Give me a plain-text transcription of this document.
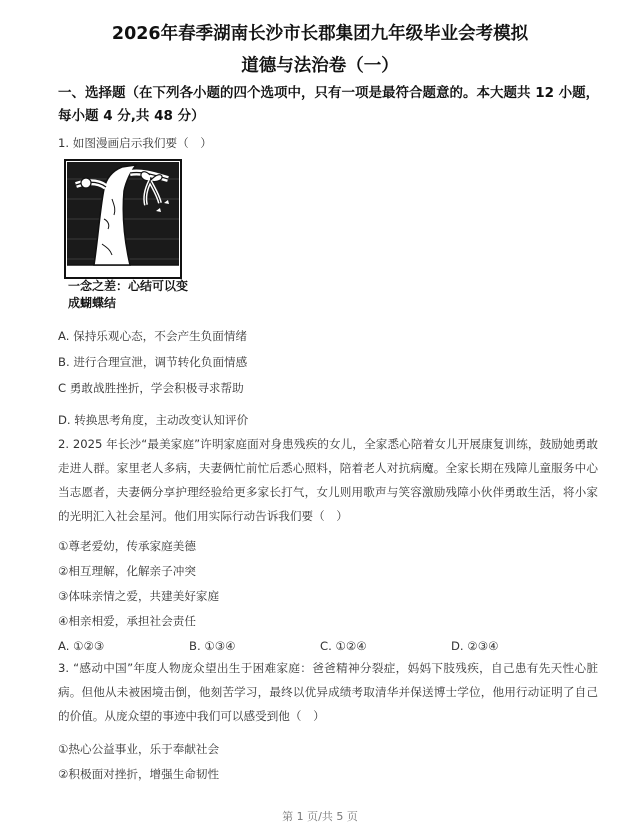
2026年春季湖南长沙市长郡集团九年级毕业会考模拟
道德与法治卷（一）
一、选择题（在下列各小题的四个选项中，只有一项是最符合题意的。本大题共 12 小题，每小题 4 分,共 48 分）
1. 如图漫画启示我们要（　）
一念之差：心结可以变成蝴蝶结
A. 保持乐观心态，不会产生负面情绪
B. 进行合理宣泄，调节转化负面情感
C 勇敢战胜挫折，学会积极寻求帮助
D. 转换思考角度，主动改变认知评价
2. 2025 年长沙“最美家庭”许明家庭面对身患残疾的女儿，全家悉心陪着女儿开展康复训练，鼓励她勇敢走进人群。家里老人多病，夫妻俩忙前忙后悉心照料，陪着老人对抗病魔。全家长期在残障儿童服务中心当志愿者，夫妻俩分享护理经验给更多家长打气，女儿则用歌声与笑容激励残障小伙伴勇敢生活，将小家的光明汇入社会星河。他们用实际行动告诉我们要（　）
①尊老爱幼，传承家庭美德
②相互理解，化解亲子冲突
③体味亲情之爱，共建美好家庭
④相亲相爱，承担社会责任
A. ①②③	B. ①③④	C. ①②④	D. ②③④
3. “感动中国”年度人物庞众望出生于困难家庭：爸爸精神分裂症，妈妈下肢残疾，自己患有先天性心脏病。但他从未被困境击倒，他刻苦学习，最终以优异成绩考取清华并保送博士学位，他用行动证明了自己的价值。从庞众望的事迹中我们可以感受到他（　）
①热心公益事业，乐于奉献社会
②积极面对挫折，增强生命韧性
第 1 页/共 5 页
